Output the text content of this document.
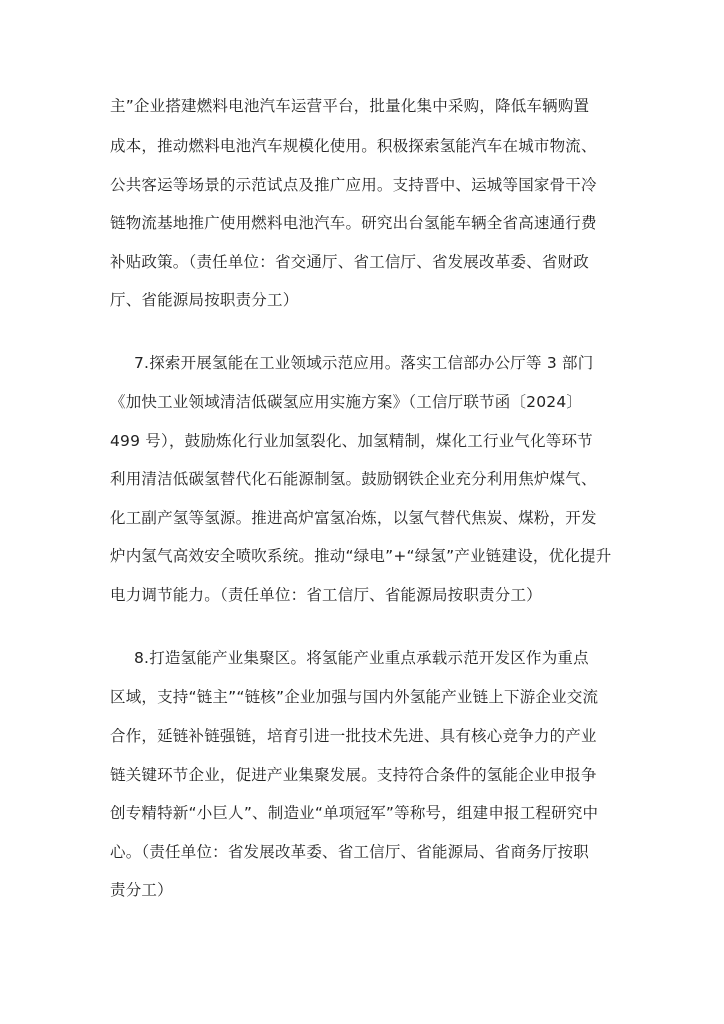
主”企业搭建燃料电池汽车运营平台，批量化集中采购，降低车辆购置
成本，推动燃料电池汽车规模化使用。积极探索氢能汽车在城市物流、
公共客运等场景的示范试点及推广应用。支持晋中、运城等国家骨干冷
链物流基地推广使用燃料电池汽车。研究出台氢能车辆全省高速通行费
补贴政策。（责任单位：省交通厅、省工信厅、省发展改革委、省财政
厅、省能源局按职责分工）
7.探索开展氢能在工业领域示范应用。落实工信部办公厅等 3 部门
《加快工业领域清洁低碳氢应用实施方案》（工信厅联节函〔2024〕
499 号），鼓励炼化行业加氢裂化、加氢精制，煤化工行业气化等环节
利用清洁低碳氢替代化石能源制氢。鼓励钢铁企业充分利用焦炉煤气、
化工副产氢等氢源。推进高炉富氢冶炼，以氢气替代焦炭、煤粉，开发
炉内氢气高效安全喷吹系统。推动“绿电”+“绿氢”产业链建设，优化提升
电力调节能力。（责任单位：省工信厅、省能源局按职责分工）
8.打造氢能产业集聚区。将氢能产业重点承载示范开发区作为重点
区域，支持“链主”“链核”企业加强与国内外氢能产业链上下游企业交流
合作，延链补链强链，培育引进一批技术先进、具有核心竞争力的产业
链关键环节企业，促进产业集聚发展。支持符合条件的氢能企业申报争
创专精特新“小巨人”、制造业“单项冠军”等称号，组建申报工程研究中
心。（责任单位：省发展改革委、省工信厅、省能源局、省商务厅按职
责分工）
